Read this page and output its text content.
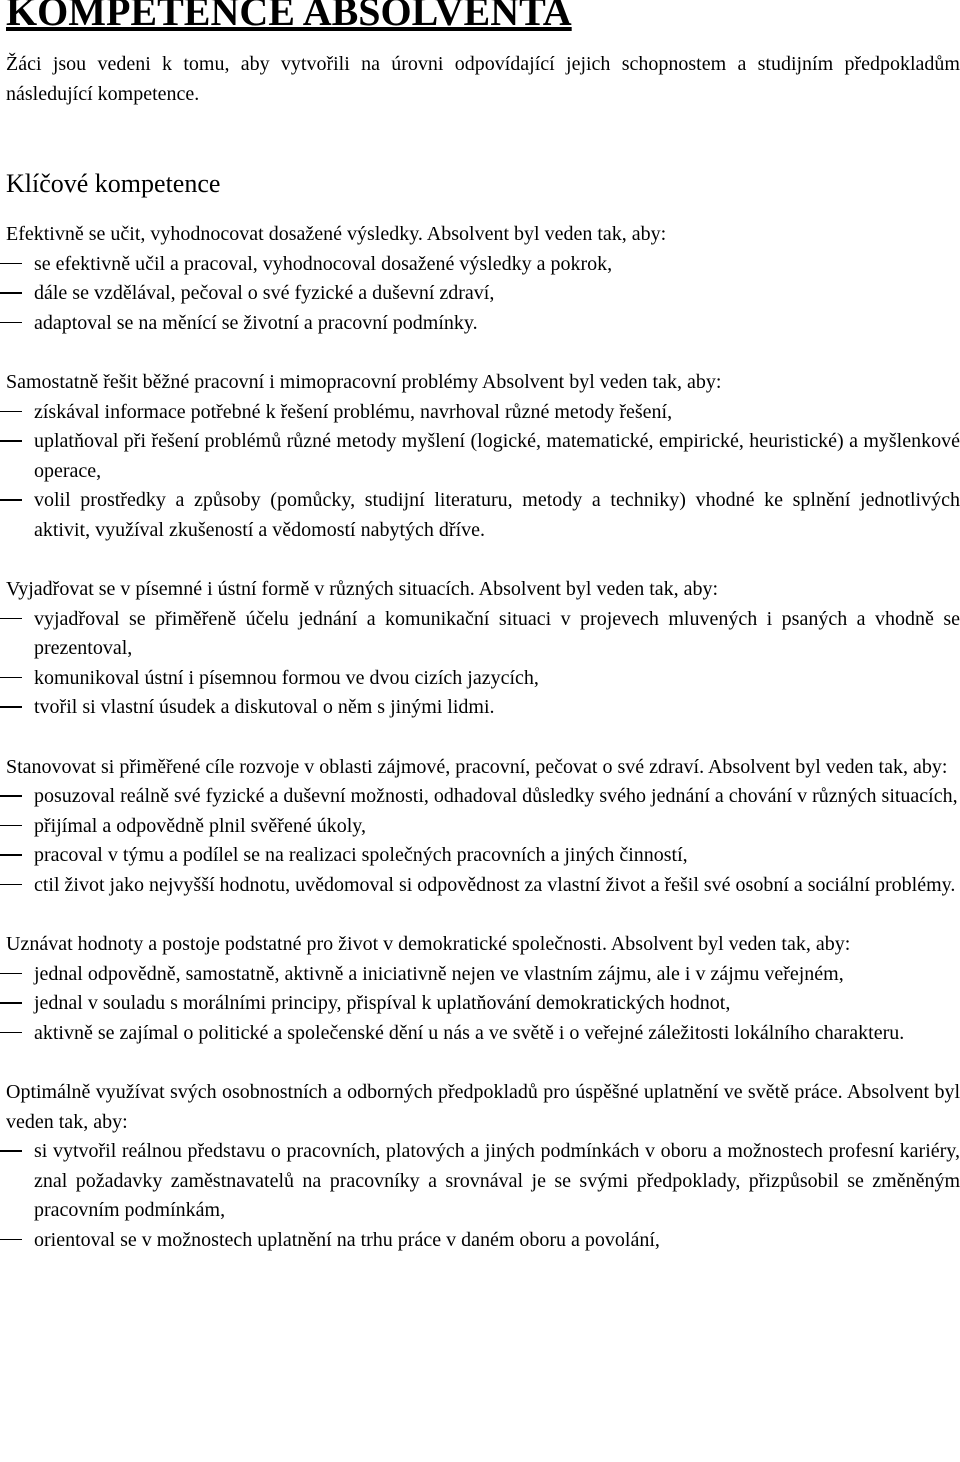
KOMPETENCE ABSOLVENTA

Žáci jsou vedeni k tomu, aby vytvořili na úrovni odpovídající jejich schopnostem a studijním předpokladům následující kompetence.

Klíčové kompetence

Efektivně se učit, vyhodnocovat dosažené výsledky. Absolvent byl veden tak, aby:

se efektivně učil a pracoval, vyhodnocoval dosažené výsledky a pokrok,
dále se vzdělával, pečoval o své fyzické a duševní zdraví,
adaptoval se na měnící se životní a pracovní podmínky.

Samostatně řešit běžné pracovní i mimopracovní problémy Absolvent byl veden tak, aby:

získával informace potřebné k řešení problému, navrhoval různé metody řešení,
uplatňoval při řešení problémů různé metody myšlení (logické, matematické, empirické, heuristické) a myšlenkové operace,
volil prostředky a způsoby (pomůcky, studijní literaturu, metody a techniky) vhodné ke splnění jednotlivých aktivit, využíval zkušeností a vědomostí nabytých dříve.

Vyjadřovat se v písemné i ústní formě v různých situacích. Absolvent byl veden tak, aby:

vyjadřoval se přiměřeně účelu jednání a komunikační situaci v projevech mluvených i psaných a vhodně se prezentoval,
komunikoval ústní i písemnou formou ve dvou cizích jazycích,
tvořil si vlastní úsudek a diskutoval o něm s jinými lidmi.

Stanovovat si přiměřené cíle rozvoje v oblasti zájmové, pracovní, pečovat o své zdraví. Absolvent byl veden tak, aby:

posuzoval reálně své fyzické a duševní možnosti, odhadoval důsledky svého jednání a chování v různých situacích,
přijímal a odpovědně plnil svěřené úkoly,
pracoval v týmu a podílel se na realizaci společných pracovních a jiných činností,
ctil život jako nejvyšší hodnotu, uvědomoval si odpovědnost za vlastní život a řešil své osobní a sociální problémy.

Uznávat hodnoty a postoje podstatné pro život v demokratické společnosti. Absolvent byl veden tak, aby:

jednal odpovědně, samostatně, aktivně a iniciativně nejen ve vlastním zájmu, ale i v zájmu veřejném,
jednal v souladu s morálními principy, přispíval k uplatňování demokratických hodnot,
aktivně se zajímal o politické a společenské dění u nás a ve světě i o veřejné záležitosti lokálního charakteru.

Optimálně využívat svých osobnostních a odborných předpokladů pro úspěšné uplatnění ve světě práce. Absolvent byl veden tak, aby:

si vytvořil reálnou představu o pracovních, platových a jiných podmínkách v oboru a možnostech profesní kariéry, znal požadavky zaměstnavatelů na pracovníky a srovnával je se svými předpoklady, přizpůsobil se změněným pracovním podmínkám,
orientoval se v možnostech uplatnění na trhu práce v daném oboru a povolání,
